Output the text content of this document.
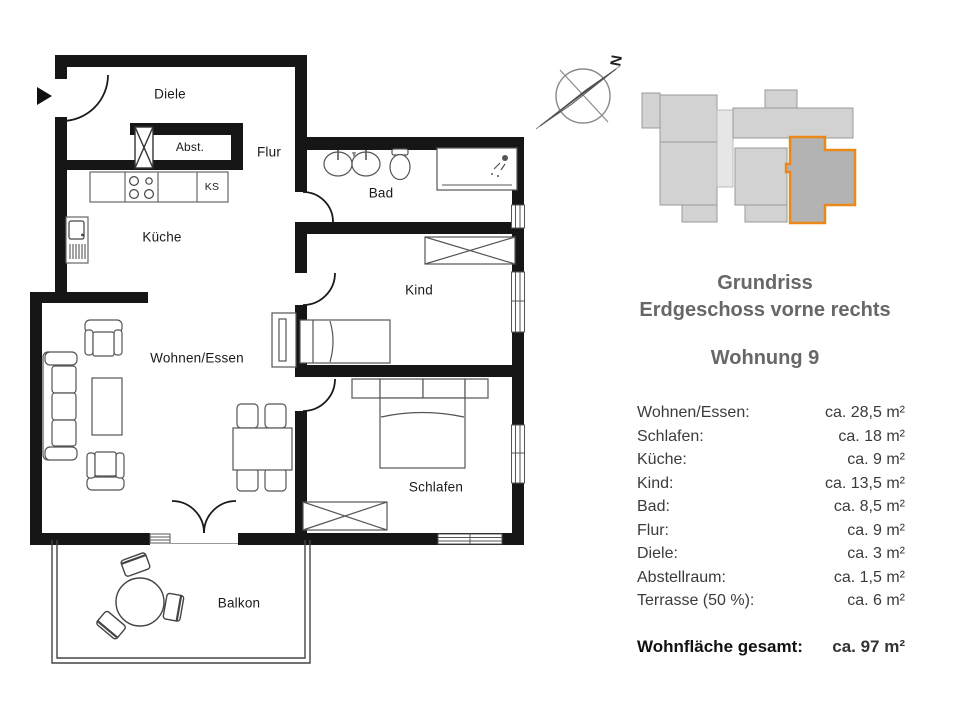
Diele
Abst.	Flur
KS
Küche
Bad
Kind
Wohnen/Essen
Schlafen
Balkon
N
Grundriss
Erdgeschoss vorne rechts
Wohnung 9
Wohnen/Essen:	ca. 28,5 m²
Schlafen:	ca. 18 m²
Küche:	ca. 9 m²
Kind:	ca. 13,5 m²
Bad:	ca. 8,5 m²
Flur:	ca. 9 m²
Diele:	ca. 3 m²
Abstellraum:	ca. 1,5 m²
Terrasse (50 %):	ca. 6 m²
Wohnfläche gesamt: ca. 97 m²
